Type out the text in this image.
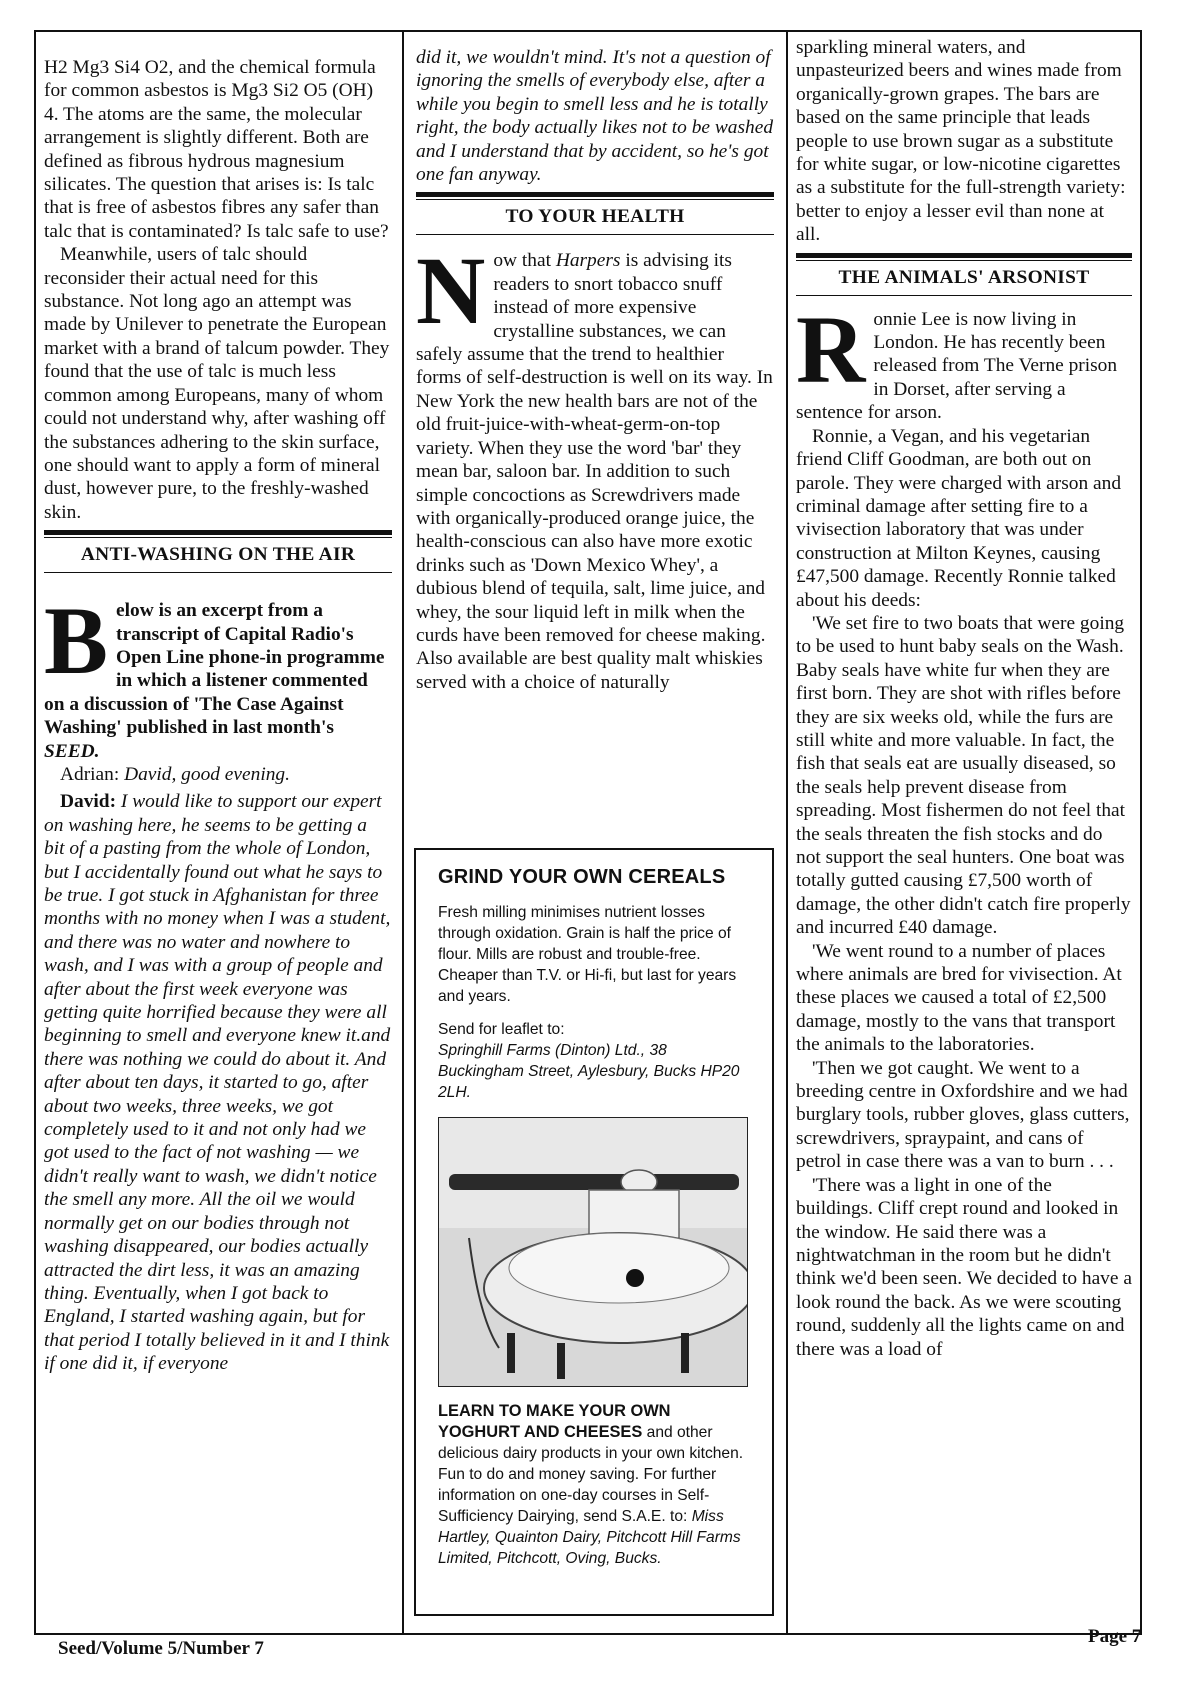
H2 Mg3 Si4 O2, and the chemical formula for common asbestos is Mg3 Si2 O5 (OH) 4. The atoms are the same, the molecular arrangement is slightly different. Both are defined as fibrous hydrous magnesium silicates. The question that arises is: Is talc that is free of asbestos fibres any safer than talc that is contaminated? Is talc safe to use?

Meanwhile, users of talc should reconsider their actual need for this substance. Not long ago an attempt was made by Unilever to penetrate the European market with a brand of talcum powder. They found that the use of talc is much less common among Europeans, many of whom could not understand why, after washing off the substances adhering to the skin surface, one should want to apply a form of mineral dust, however pure, to the freshly-washed skin.

ANTI-WASHING ON THE AIR
B elow is an excerpt from a transcript of Capital Radio's Open Line phone-in programme in which a listener commented on a discussion of 'The Case Against Washing' published in last month's SEED.

Adrian: David, good evening.

David: I would like to support our expert on washing here, he seems to be getting a bit of a pasting from the whole of London, but I accidentally found out what he says to be true. I got stuck in Afghanistan for three months with no money when I was a student, and there was no water and nowhere to wash, and I was with a group of people and after about the first week everyone was getting quite horrified because they were all beginning to smell and everyone knew it.and there was nothing we could do about it. And after about ten days, it started to go, after about two weeks, three weeks, we got completely used to it and not only had we got used to the fact of not washing — we didn't really want to wash, we didn't notice the smell any more. All the oil we would normally get on our bodies through not washing disappeared, our bodies actually attracted the dirt less, it was an amazing thing. Eventually, when I got back to England, I started washing again, but for that period I totally believed in it and I think if one did it, if everyone

did it, we wouldn't mind. It's not a question of ignoring the smells of everybody else, after a while you begin to smell less and he is totally right, the body actually likes not to be washed and I understand that by accident, so he's got one fan anyway.

TO YOUR HEALTH
N ow that Harpers is advising its readers to snort tobacco snuff instead of more expensive crystalline substances, we can safely assume that the trend to healthier forms of self-destruction is well on its way. In New York the new health bars are not of the old fruit-juice-with-wheat-germ-on-top variety. When they use the word 'bar' they mean bar, saloon bar. In addition to such simple concoctions as Screwdrivers made with organically-produced orange juice, the health-conscious can also have more exotic drinks such as 'Down Mexico Whey', a dubious blend of tequila, salt, lime juice, and whey, the sour liquid left in milk when the curds have been removed for cheese making. Also available are best quality malt whiskies served with a choice of naturally

GRIND YOUR OWN CEREALS

Fresh milling minimises nutrient losses through oxidation. Grain is half the price of flour. Mills are robust and trouble-free. Cheaper than T.V. or Hi-fi, but last for years and years.

Send for leaflet to:

Springhill Farms (Dinton) Ltd., 38 Buckingham Street, Aylesbury, Bucks HP20 2LH.

LEARN TO MAKE YOUR OWN YOGHURT AND CHEESES and other delicious dairy products in your own kitchen. Fun to do and money saving. For further information on one-day courses in Self-Sufficiency Dairying, send S.A.E. to: Miss Hartley, Quainton Dairy, Pitchcott Hill Farms Limited, Pitchcott, Oving, Bucks.

sparkling mineral waters, and unpasteurized beers and wines made from organically-grown grapes. The bars are based on the same principle that leads people to use brown sugar as a substitute for white sugar, or low-nicotine cigarettes as a substitute for the full-strength variety: better to enjoy a lesser evil than none at all.

THE ANIMALS' ARSONIST
R onnie Lee is now living in London. He has recently been released from The Verne prison in Dorset, after serving a sentence for arson.

Ronnie, a Vegan, and his vegetarian friend Cliff Goodman, are both out on parole. They were charged with arson and criminal damage after setting fire to a vivisection laboratory that was under construction at Milton Keynes, causing £47,500 damage. Recently Ronnie talked about his deeds:

'We set fire to two boats that were going to be used to hunt baby seals on the Wash. Baby seals have white fur when they are first born. They are shot with rifles before they are six weeks old, while the furs are still white and more valuable. In fact, the fish that seals eat are usually diseased, so the seals help prevent disease from spreading. Most fishermen do not feel that the seals threaten the fish stocks and do not support the seal hunters. One boat was totally gutted causing £7,500 worth of damage, the other didn't catch fire properly and incurred £40 damage.

'We went round to a number of places where animals are bred for vivisection. At these places we caused a total of £2,500 damage, mostly to the vans that transport the animals to the laboratories.

'Then we got caught. We went to a breeding centre in Oxfordshire and we had burglary tools, rubber gloves, glass cutters, screwdrivers, spraypaint, and cans of petrol in case there was a van to burn . . .

'There was a light in one of the buildings. Cliff crept round and looked in the window. He said there was a nightwatchman in the room but he didn't think we'd been seen. We decided to have a look round the back. As we were scouting round, suddenly all the lights came on and there was a load of

Seed/Volume 5/Number 7
Page 7
